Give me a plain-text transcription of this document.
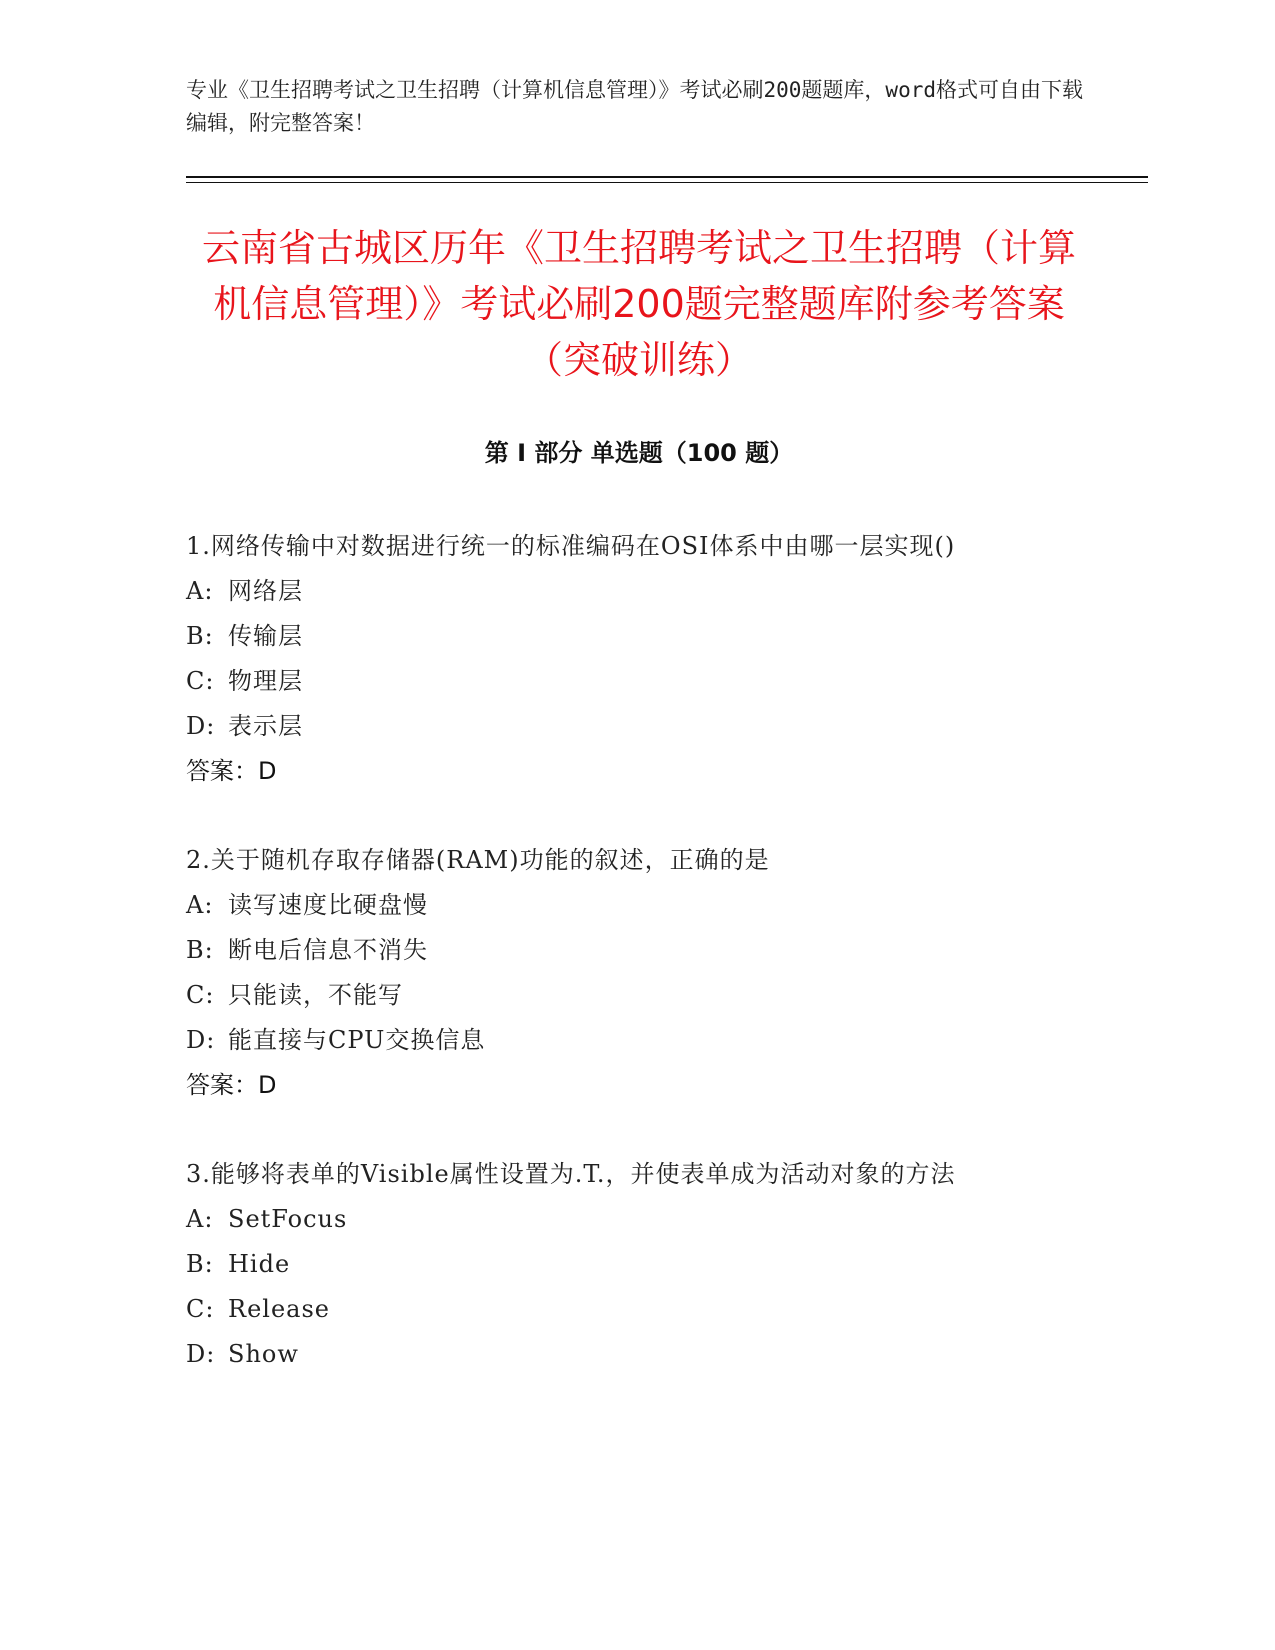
专业《卫生招聘考试之卫生招聘（计算机信息管理）》考试必刷200题题库，word格式可自由下载编辑，附完整答案！
云南省古城区历年《卫生招聘考试之卫生招聘（计算机信息管理）》考试必刷200题完整题库附参考答案（突破训练）
第 I 部分 单选题（100 题）
1.网络传输中对数据进行统一的标准编码在OSI体系中由哪一层实现()
A: 网络层
B: 传输层
C: 物理层
D: 表示层
答案：D
2.关于随机存取存储器(RAM)功能的叙述，正确的是
A: 读写速度比硬盘慢
B: 断电后信息不消失
C: 只能读，不能写
D: 能直接与CPU交换信息
答案：D
3.能够将表单的Visible属性设置为.T.，并使表单成为活动对象的方法
A: SetFocus
B: Hide
C: Release
D: Show
